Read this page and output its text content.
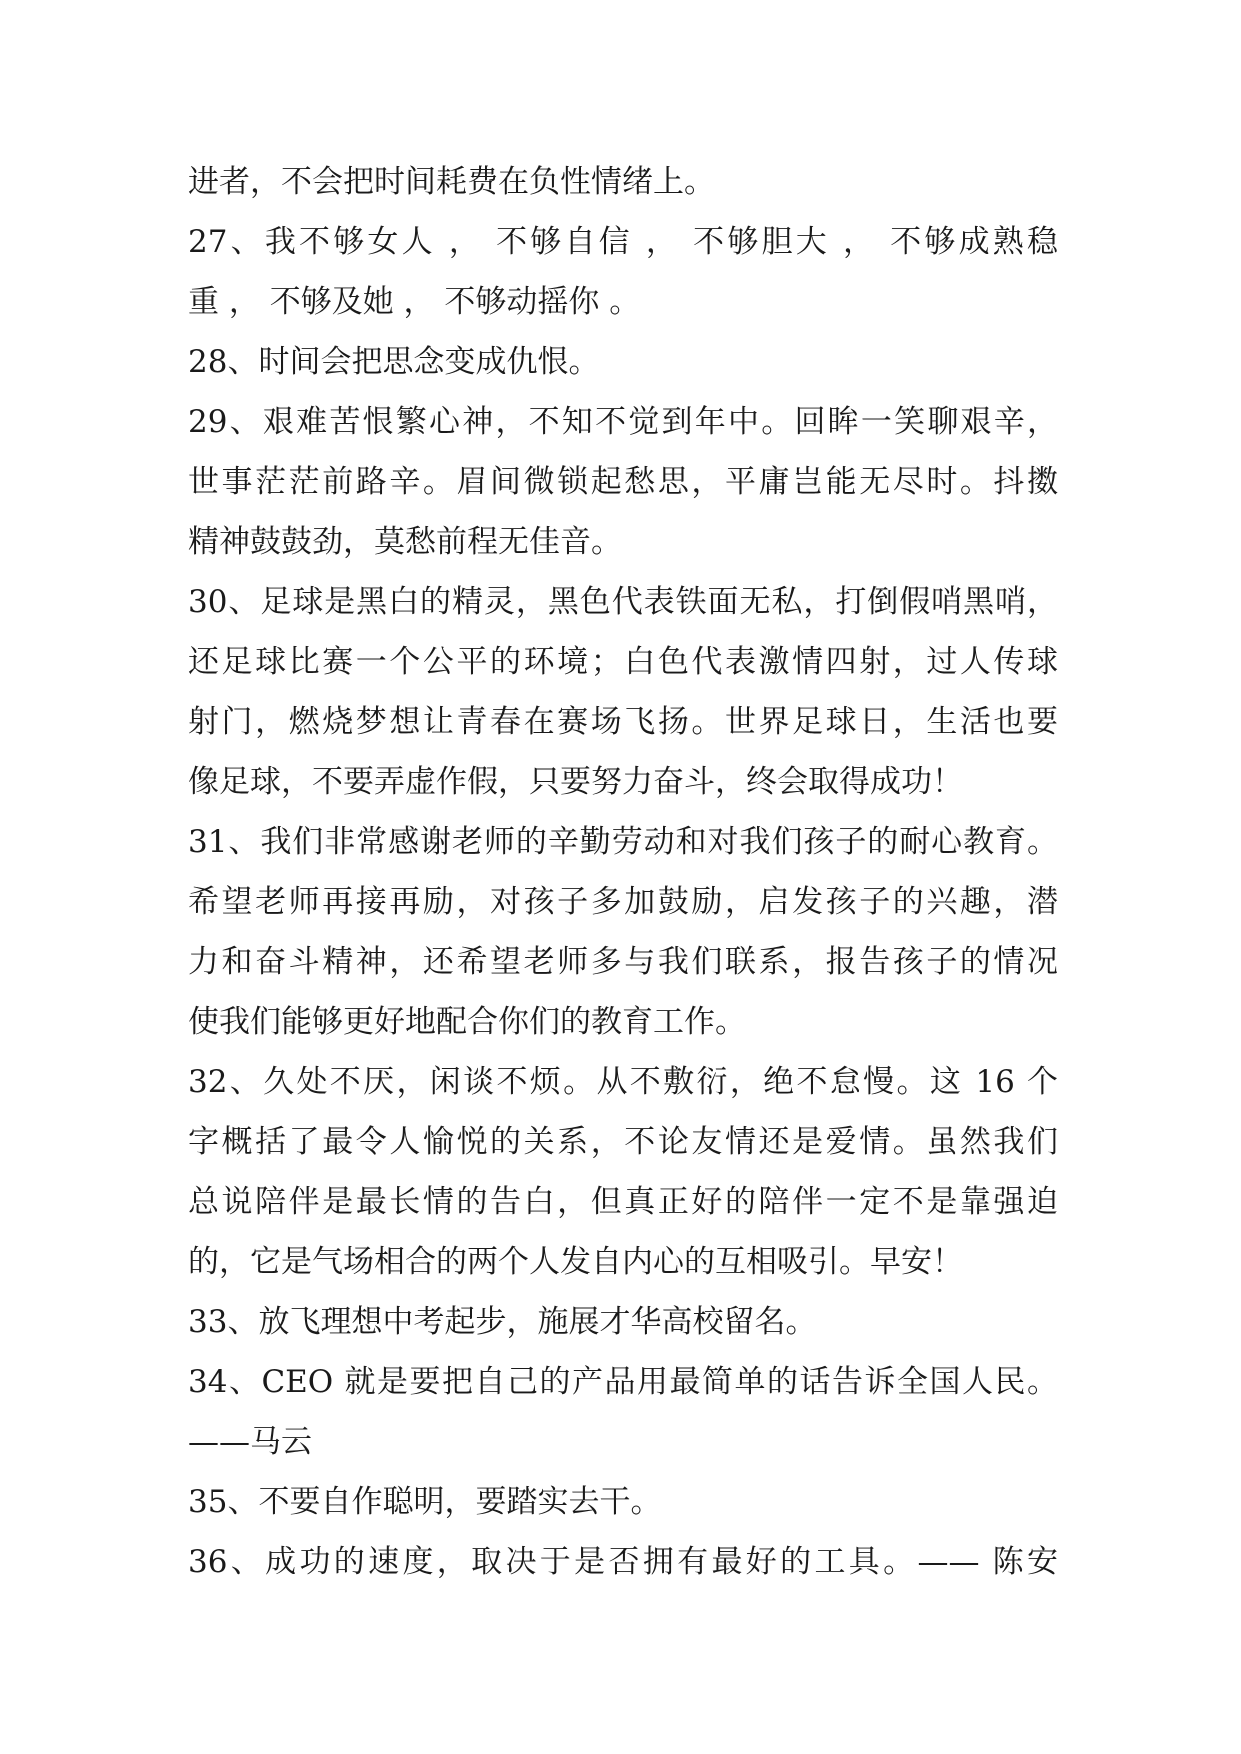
进者，不会把时间耗费在负性情绪上。
27、我不够女人 ， 不够自信 ， 不够胆大 ， 不够成熟稳
重 ， 不够及她 ， 不够动摇你 。
28、时间会把思念变成仇恨。
29、艰难苦恨繁心神，不知不觉到年中。回眸一笑聊艰辛，
世事茫茫前路辛。眉间微锁起愁思，平庸岂能无尽时。抖擞
精神鼓鼓劲，莫愁前程无佳音。
30、足球是黑白的精灵，黑色代表铁面无私，打倒假哨黑哨，
还足球比赛一个公平的环境；白色代表激情四射，过人传球
射门，燃烧梦想让青春在赛场飞扬。世界足球日，生活也要
像足球，不要弄虚作假，只要努力奋斗，终会取得成功！
31、我们非常感谢老师的辛勤劳动和对我们孩子的耐心教育。
希望老师再接再励，对孩子多加鼓励，启发孩子的兴趣，潜
力和奋斗精神，还希望老师多与我们联系，报告孩子的情况
使我们能够更好地配合你们的教育工作。
32、久处不厌，闲谈不烦。从不敷衍，绝不怠慢。这 16 个
字概括了最令人愉悦的关系，不论友情还是爱情。虽然我们
总说陪伴是最长情的告白，但真正好的陪伴一定不是靠强迫
的，它是气场相合的两个人发自内心的互相吸引。早安！
33、放飞理想中考起步，施展才华高校留名。
34、CEO 就是要把自己的产品用最简单的话告诉全国人民。
——马云
35、不要自作聪明，要踏实去干。
36、成功的速度，取决于是否拥有最好的工具。—— 陈安
